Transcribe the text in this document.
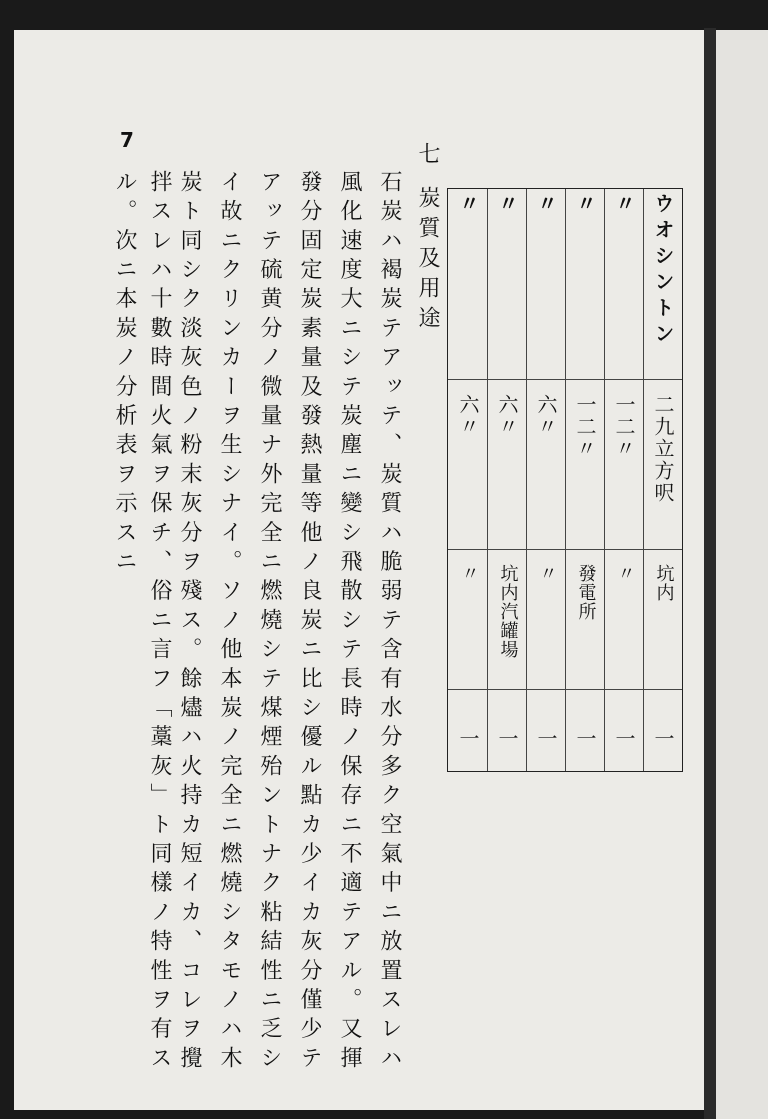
7
ウオシントン
二九立方呎
坑内
一
〃
一二〃
〃
一
〃
一二〃
發電所
一
〃
六〃
〃
一
〃
六〃
坑内汽罐場
一
〃
六〃
〃
一
七炭質及用途
石炭ハ褐炭テアッテ、炭質ハ脆弱テ含有水分多ク空氣中ニ放置スレハ
風化速度大ニシテ炭塵ニ變シ飛散シテ長時ノ保存ニ不適テアル。又揮
發分固定炭素量及發熱量等他ノ良炭ニ比シ優ル點カ少イカ灰分僅少テ
アッテ硫黄分ノ微量ナ外完全ニ燃燒シテ煤煙殆ントナク粘結性ニ乏シ
イ故ニクリンカーヲ生シナイ。ソノ他本炭ノ完全ニ燃燒シタモノハ木
炭ト同シク淡灰色ノ粉末灰分ヲ殘ス。餘燼ハ火持カ短イカ、コレヲ攪
拌スレハ十數時間火氣ヲ保チ、俗ニ言フ「藁灰」ト同樣ノ特性ヲ有ス
ル。次ニ本炭ノ分析表ヲ示スニ
